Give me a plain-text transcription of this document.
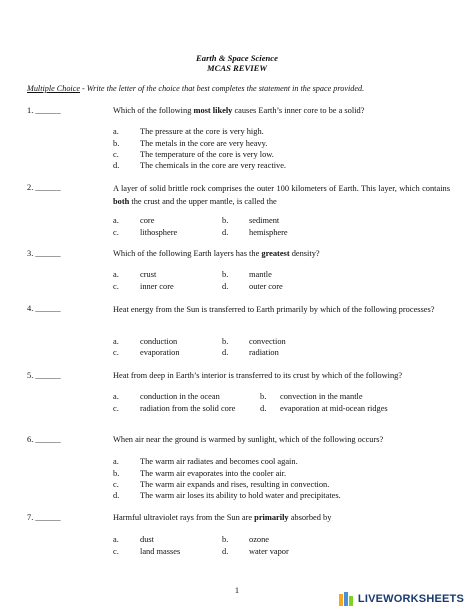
Earth & Space Science
MCAS REVIEW
Multiple Choice - Write the letter of the choice that best completes the statement in the space provided.
1. ______	Which of the following most likely causes Earth’s inner core to be a solid?
a.	The pressure at the core is very high.
b. The metals in the core are very heavy.
c.	The temperature of the core is very low.
d. The chemicals in the core are very reactive.
2. ______	A layer of solid brittle rock comprises the outer 100 kilometers of Earth. This layer, which contains both the crust and the upper mantle, is called the
a.	core	b. sediment
c.	lithosphere	d. hemisphere
3. ______	Which of the following Earth layers has the greatest density?
a.	crust	b. mantle
c.	inner core	d. outer core
4. ______	Heat energy from the Sun is transferred to Earth primarily by which of the following processes?
a.	conduction	b. convection
c.	evaporation	d. radiation
5. ______	Heat from deep in Earth’s interior is transferred to its crust by which of the following?
a.	conduction in the ocean	b. convection in the mantle
c.	radiation from the solid core	d. evaporation at mid-ocean ridges
6. ______	When air near the ground is warmed by sunlight, which of the following occurs?
a.	The warm air radiates and becomes cool again.
b. The warm air evaporates into the cooler air.
c.	The warm air expands and rises, resulting in convection.
d. The warm air loses its ability to hold water and precipitates.
7. ______	Harmful ultraviolet rays from the Sun are primarily absorbed by
a.	dust	b. ozone
c.	land masses	d. water vapor
1
LIVEWORKSHEETS
